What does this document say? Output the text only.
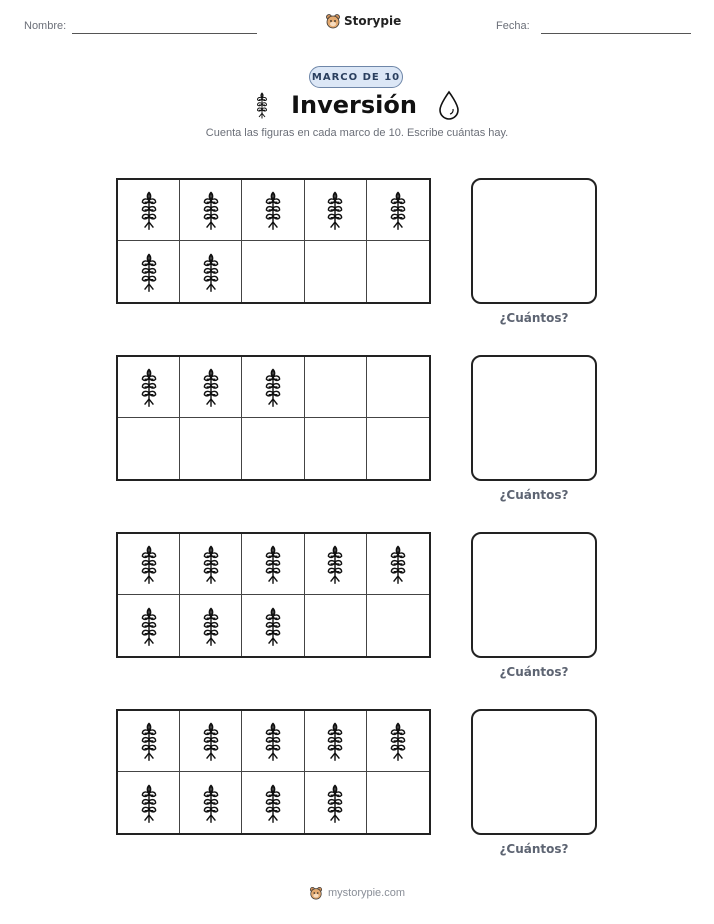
Nombre:	Storypie	Fecha:
MARCO DE 10
Inversión
Cuenta las figuras en cada marco de 10. Escribe cuántas hay.
¿Cuántos?
¿Cuántos?
¿Cuántos?
¿Cuántos?
mystorypie.com
